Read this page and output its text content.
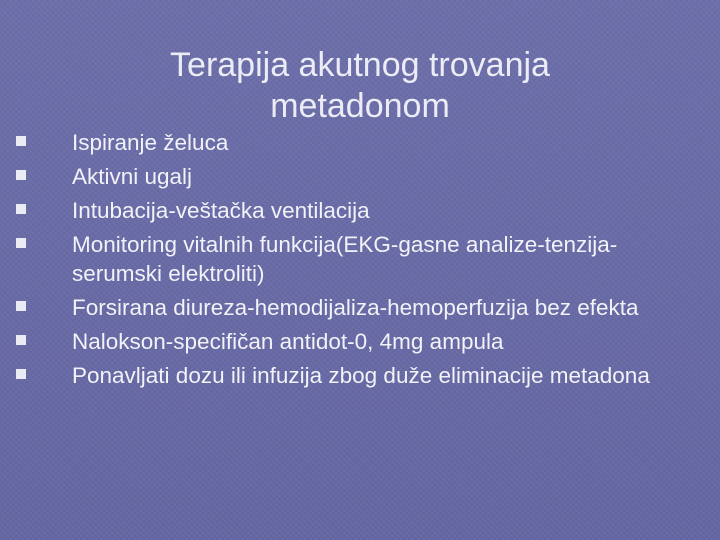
Terapija akutnog trovanja
metadonom
Ispiranje želuca
Aktivni ugalj
Intubacija-veštačka ventilacija
Monitoring vitalnih funkcija(EKG-gasne analize-tenzija-serumski elektroliti)
Forsirana diureza-hemodijaliza-hemoperfuzija bez efekta
Nalokson-specifičan antidot-0, 4mg ampula
Ponavljati dozu ili infuzija zbog duže eliminacije metadona
